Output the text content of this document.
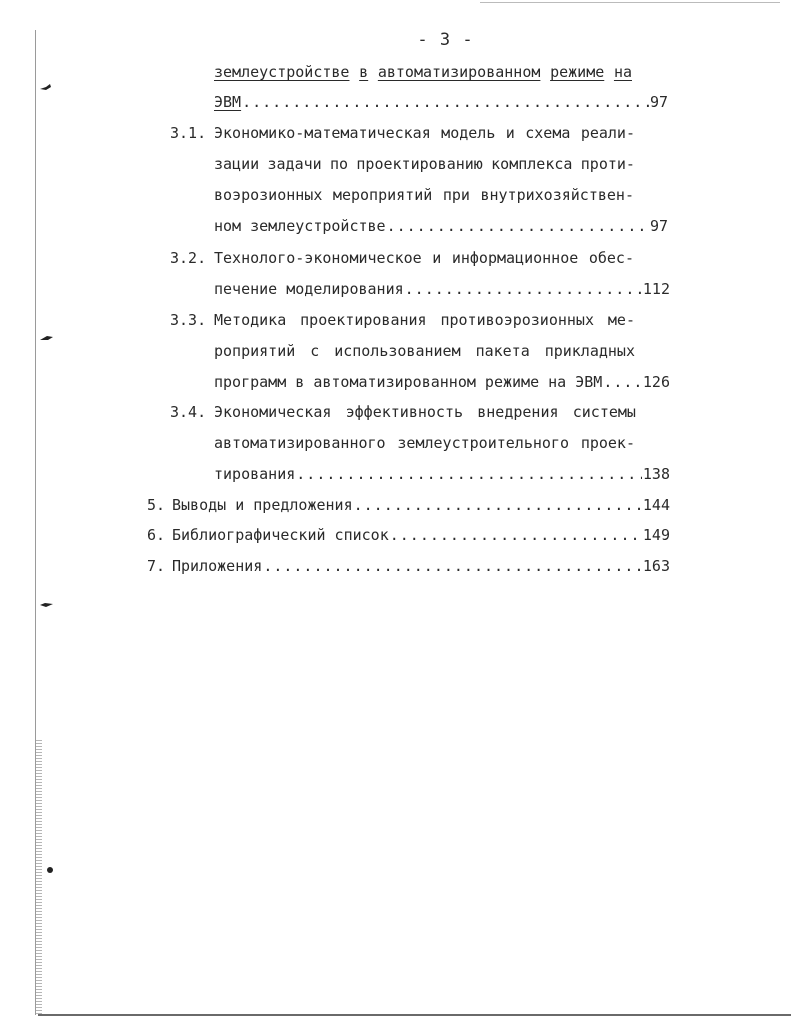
- 3 -
землеустройстве в автоматизированном режиме на
ЭВМ .....	97
3.1. Экономико-математическая модель и схема реали-
зации задачи по проектированию комплекса проти-
воэрозионных мероприятий при внутрихозяйствен-
ном землеустройстве .....	97
3.2. Технолого-экономическое и информационное обес-
печение моделирования .....	112
3.3. Методика проектирования противоэрозионных ме-
роприятий с использованием пакета прикладных
программ в автоматизированном режиме на ЭВМ .....	126
3.4. Экономическая эффективность внедрения системы
автоматизированного землеустроительного проек-
тирования .....	138
5. Выводы и предложения .....	144
6. Библиографический список .....	149
7. Приложения .....	163
